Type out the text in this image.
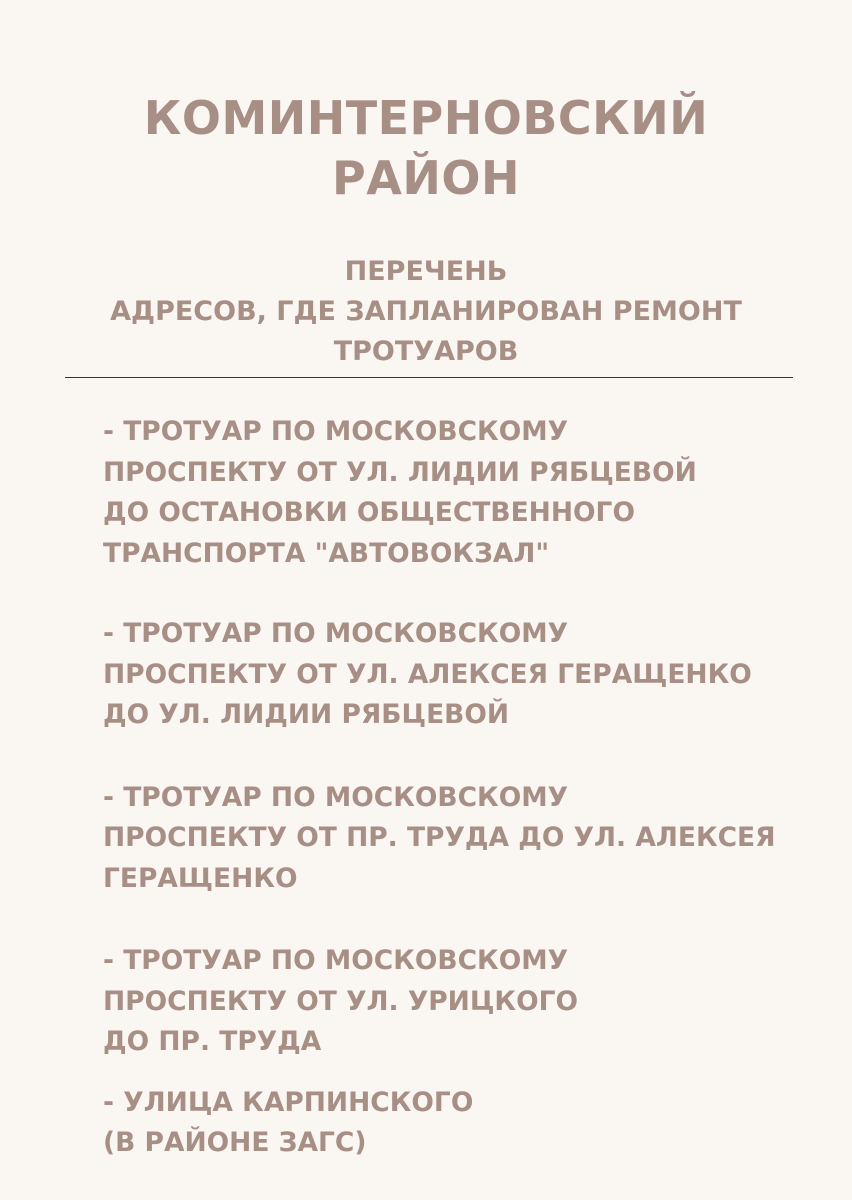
КОМИНТЕРНОВСКИЙ
РАЙОН
ПЕРЕЧЕНЬ
АДРЕСОВ, ГДЕ ЗАПЛАНИРОВАН РЕМОНТ
ТРОТУАРОВ
- ТРОТУАР ПО МОСКОВСКОМУ
ПРОСПЕКТУ ОТ УЛ. ЛИДИИ РЯБЦЕВОЙ
ДО ОСТАНОВКИ ОБЩЕСТВЕННОГО
ТРАНСПОРТА "АВТОВОКЗАЛ"
- ТРОТУАР ПО МОСКОВСКОМУ
ПРОСПЕКТУ ОТ УЛ. АЛЕКСЕЯ ГЕРАЩЕНКО
ДО УЛ. ЛИДИИ РЯБЦЕВОЙ
- ТРОТУАР ПО МОСКОВСКОМУ
ПРОСПЕКТУ ОТ ПР. ТРУДА ДО УЛ. АЛЕКСЕЯ
ГЕРАЩЕНКО
- ТРОТУАР ПО МОСКОВСКОМУ
ПРОСПЕКТУ ОТ УЛ. УРИЦКОГО
ДО ПР. ТРУДА
- УЛИЦА КАРПИНСКОГО
(В РАЙОНЕ ЗАГС)
